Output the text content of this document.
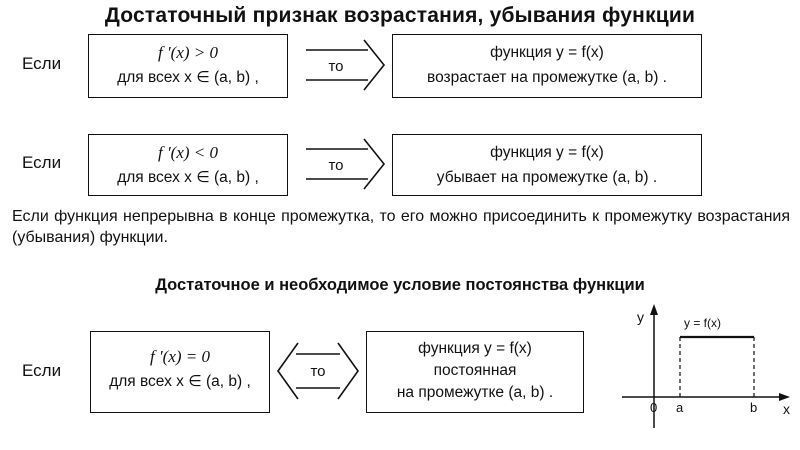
Достаточный признак возрастания, убывания функции
Если
f ′(x) > 0
для всех x ∈ (a, b) ,
то
функция y = f(x)
возрастает на промежутке (a, b) .
Если
f ′(x) < 0
для всех x ∈ (a, b) ,
то
функция y = f(x)
убывает на промежутке (a, b) .
Если функция непрерывна в конце промежутка, то его можно присоединить к промежутку возрастания (убывания) функции.
Достаточное и необходимое условие постоянства функции
Если
f ′(x) = 0
для всех x ∈ (a, b) ,
то
функция y = f(x)
постоянная
на промежутке (a, b) .
y
x
0 a	b
y = f(x)
